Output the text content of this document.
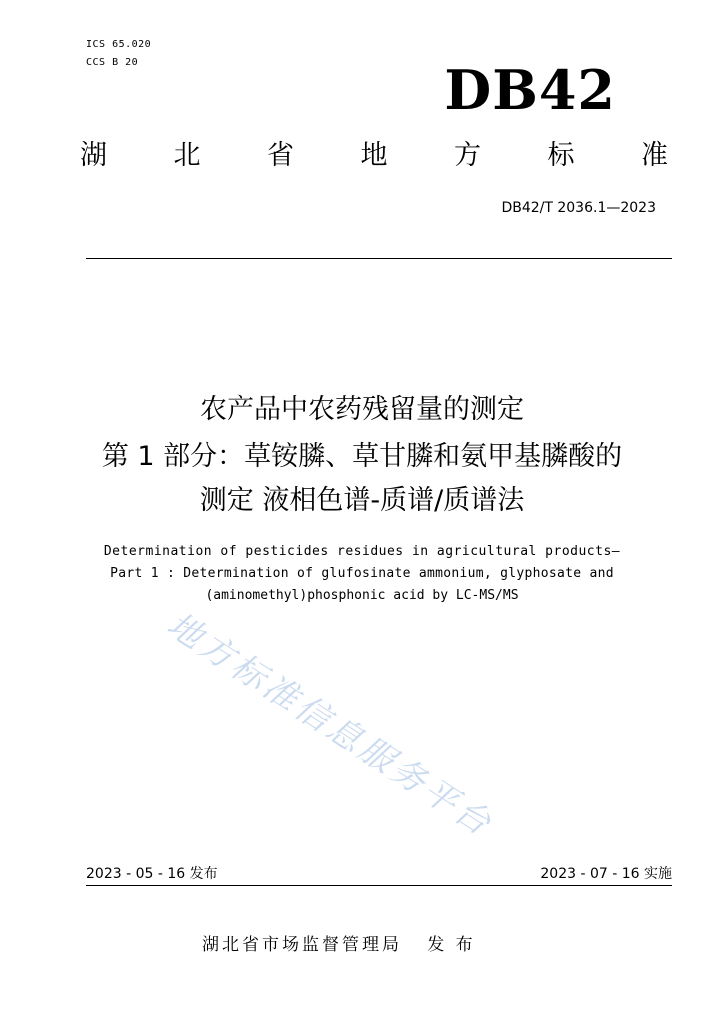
ICS 65.020
CCS B 20	DB42
湖 北 省 地 方 标 准
DB42/T 2036.1—2023
农产品中农药残留量的测定
第 1 部分：草铵膦、草甘膦和氨甲基膦酸的
测定 液相色谱-质谱/质谱法
Determination of pesticides residues in agricultural products—
Part 1 : Determination of glufosinate ammonium, glyphosate and
(aminomethyl)phosphonic acid by LC-MS/MS
地方标准信息服务平台
2023 - 05 - 16 发布	2023 - 07 - 16 实施
湖北省市场监督管理局 发 布
